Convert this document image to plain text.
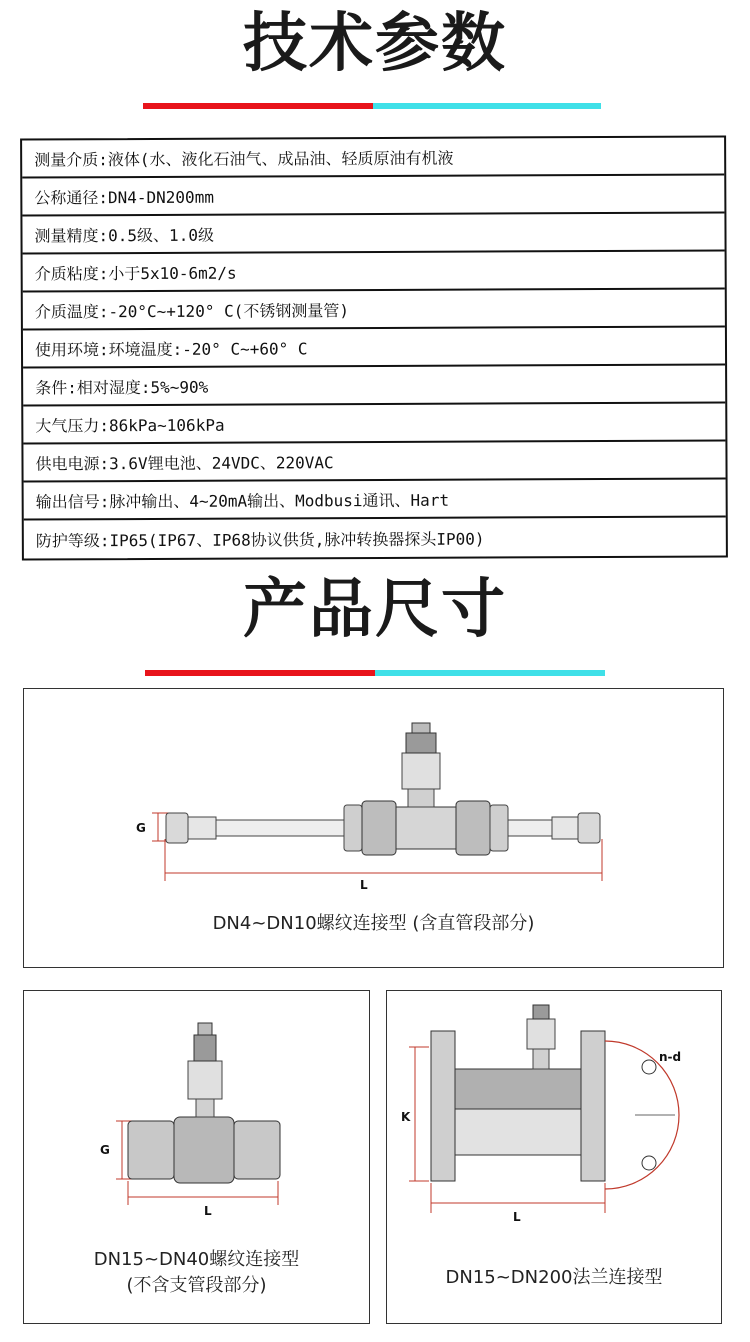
技术参数
测量介质:液体(水、液化石油气、成品油、轻质原油有机液
公称通径:DN4-DN200mm
测量精度:0.5级、1.0级
介质粘度:小于5x10-6m2/s
介质温度:-20°C~+120° C(不锈钢测量管)
使用环境:环境温度:-20° C~+60° C
条件:相对湿度:5%~90%
大气压力:86kPa~106kPa
供电电源:3.6V锂电池、24VDC、220VAC
输出信号:脉冲输出、4~20mA输出、Modbusi通讯、Hart
防护等级:IP65(IP67、IP68协议供货,脉冲转换器探头IP00)
产品尺寸
G
L
DN4~DN10螺纹连接型 (含直管段部分)
G
L
DN15~DN40螺纹连接型
(不含支管段部分)
K
L
n-d
DN15~DN200法兰连接型
